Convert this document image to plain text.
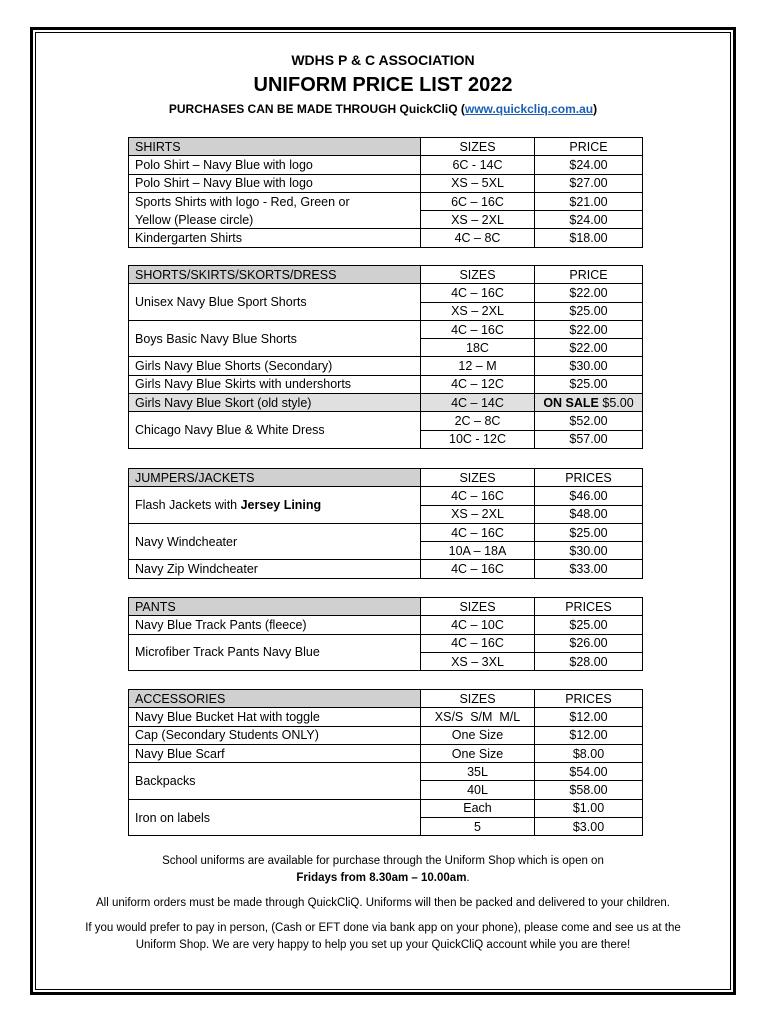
WDHS P & C ASSOCIATION
UNIFORM PRICE LIST 2022
PURCHASES CAN BE MADE THROUGH QuickCliQ (www.quickcliq.com.au)
SHIRTS	SIZES	PRICE
Polo Shirt – Navy Blue with logo	6C - 14C	$24.00
Polo Shirt – Navy Blue with logo	XS – 5XL	$27.00
Sports Shirts with logo - Red, Green or	6C – 16C	$21.00
Yellow (Please circle)	XS – 2XL	$24.00
Kindergarten Shirts	4C – 8C	$18.00
SHORTS/SKIRTS/SKORTS/DRESS	SIZES	PRICE
Unisex Navy Blue Sport Shorts	4C – 16C	$22.00
	XS – 2XL	$25.00
Boys Basic Navy Blue Shorts	4C – 16C	$22.00
	18C	$22.00
Girls Navy Blue Shorts (Secondary)	12 – M	$30.00
Girls Navy Blue Skirts with undershorts	4C – 12C	$25.00
Girls Navy Blue Skort (old style)	4C – 14C	ON SALE $5.00
Chicago Navy Blue & White Dress	2C – 8C	$52.00
	10C - 12C	$57.00
JUMPERS/JACKETS	SIZES	PRICES
Flash Jackets with Jersey Lining	4C – 16C	$46.00
	XS – 2XL	$48.00
Navy Windcheater	4C – 16C	$25.00
	10A – 18A	$30.00
Navy Zip Windcheater	4C – 16C	$33.00
PANTS	SIZES	PRICES
Navy Blue Track Pants (fleece)	4C – 10C	$25.00
Microfiber Track Pants Navy Blue	4C – 16C	$26.00
	XS – 3XL	$28.00
ACCESSORIES	SIZES	PRICES
Navy Blue Bucket Hat with toggle	XS/S  S/M  M/L	$12.00
Cap (Secondary Students ONLY)	One Size	$12.00
Navy Blue Scarf	One Size	$8.00
Backpacks	35L	$54.00
	40L	$58.00
Iron on labels	Each	$1.00
	5	$3.00
School uniforms are available for purchase through the Uniform Shop which is open on
Fridays from 8.30am – 10.00am.
All uniform orders must be made through QuickCliQ. Uniforms will then be packed and delivered to your children.
If you would prefer to pay in person, (Cash or EFT done via bank app on your phone), please come and see us at the
Uniform Shop. We are very happy to help you set up your QuickCliQ account while you are there!
